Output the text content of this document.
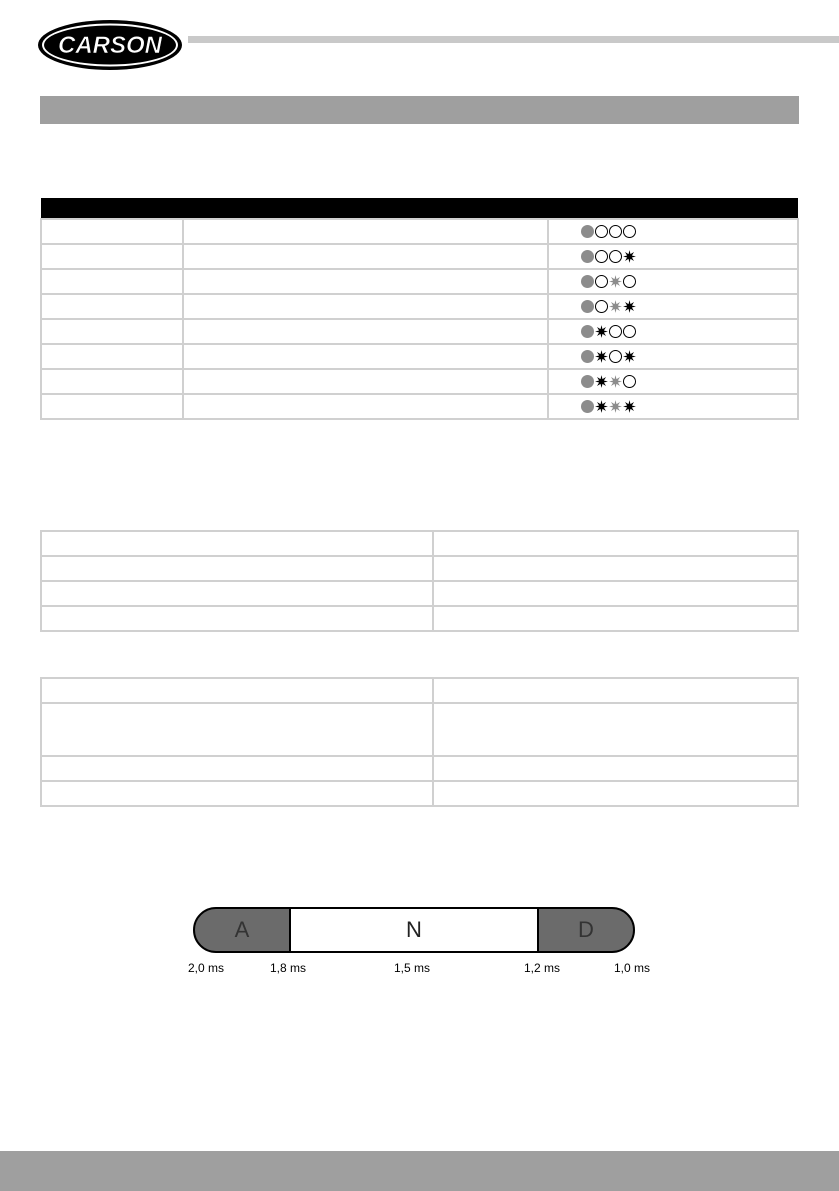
CARSON

A	N	D
2,0 ms	1,8 ms	1,5 ms	1,2 ms	1,0 ms
